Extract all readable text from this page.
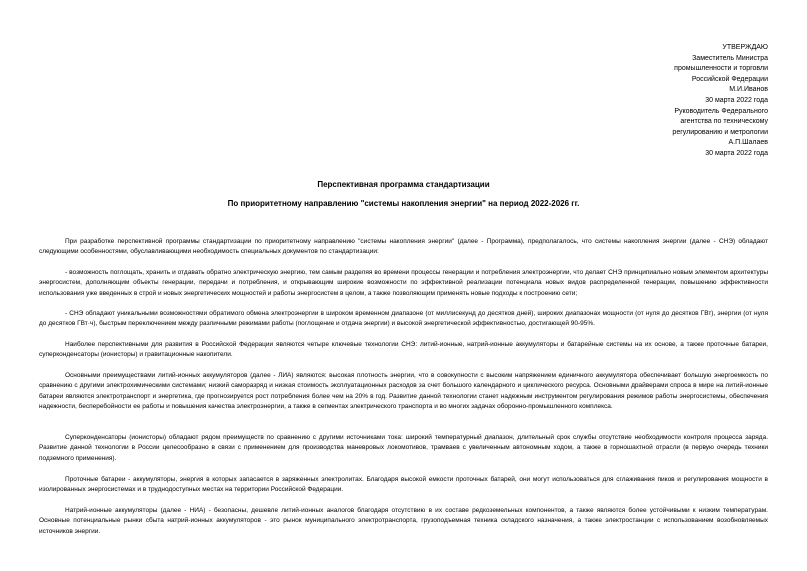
УТВЕРЖДАЮ
Заместитель Министра
промышленности и торговли
Российской Федерации
М.И.Иванов
30 марта 2022 года
Руководитель Федерального
агентства по техническому
регулированию и метрологии
А.П.Шалаев
30 марта 2022 года
Перспективная программа стандартизации
По приоритетному направлению "системы накопления энергии" на период 2022-2026 гг.
При разработке перспективной программы стандартизации по приоритетному направлению "системы накопления энергии" (далее - Программа), предполагалось, что системы накопления энергии (далее - СНЭ) обладают следующими особенностями, обуславливающими необходимость специальных документов по стандартизации:
- возможность поглощать, хранить и отдавать обратно электрическую энергию, тем самым разделяя во времени процессы генерации и потребления электроэнергии, что делает СНЭ принципиально новым элементом архитектуры энергосистем, дополняющим объекты генерации, передачи и потребления, и открывающим широкие возможности по эффективной реализации потенциала новых видов распределенной генерации, повышению эффективности использования уже введенных в строй и новых энергетических мощностей и работы энергосистем в целом, а также позволяющим применять новые подходы к построению сети;
- СНЭ обладают уникальными возможностями обратимого обмена электроэнергии в широком временном диапазоне (от миллисекунд до десятков дней), широких диапазонах мощности (от нуля до десятков ГВт), энергии (от нуля до десятков ГВт·ч), быстрым переключением между различными режимами работы (поглощение и отдача энергии) и высокой энергетической эффективностью, достигающей 90-95%.
Наиболее перспективными для развития в Российской Федерации являются четыре ключевые технологии СНЭ: литий-ионные, натрий-ионные аккумуляторы и батарейные системы на их основе, а также проточные батареи, суперконденсаторы (ионисторы) и гравитационные накопители.
Основными преимуществами литий-ионных аккумуляторов (далее - ЛИА) являются: высокая плотность энергии, что в совокупности с высоким напряжением единичного аккумулятора обеспечивает большую энергоемкость по сравнению с другими электрохимическими системами; низкий саморазряд и низкая стоимость эксплуатационных расходов за счет большого календарного и циклического ресурса. Основными драйверами спроса в мире на литий-ионные батареи являются электротранспорт и энергетика, где прогнозируется рост потребления более чем на 20% в год. Развитие данной технологии станет надежным инструментом регулирования режимов работы энергосистемы, обеспечения надежности, бесперебойности ее работы и повышения качества электроэнергии, а также в сегментах электрического транспорта и во многих задачах оборонно-промышленного комплекса.
Суперконденсаторы (ионисторы) обладают рядом преимуществ по сравнению с другими источниками тока: широкий температурный диапазон, длительный срок службы отсутствие необходимости контроля процесса заряда. Развитие данной технологии в России целесообразно в связи с применением для производства маневровых локомотивов, трамваев с увеличенным автономным ходом, а также в горношахтной отрасли (в первую очередь техники подземного применения).
Проточные батареи - аккумуляторы, энергия в которых запасается в заряженных электролитах. Благодаря высокой емкости проточных батарей, они могут использоваться для сглаживания пиков и регулирования мощности в изолированных энергосистемах и в труднодоступных местах на территории Российской Федерации.
Натрий-ионные аккумуляторы (далее - НИА) - безопасны, дешевле литий-ионных аналогов благодаря отсутствию в их составе редкоземельных компонентов, а также являются более устойчивыми к низким температурам. Основные потенциальные рынки сбыта натрий-ионных аккумуляторов - это рынок муниципального электротранспорта, грузоподъемная техника складского назначения, а также электростанции с использованием возобновляемых источников энергии.
